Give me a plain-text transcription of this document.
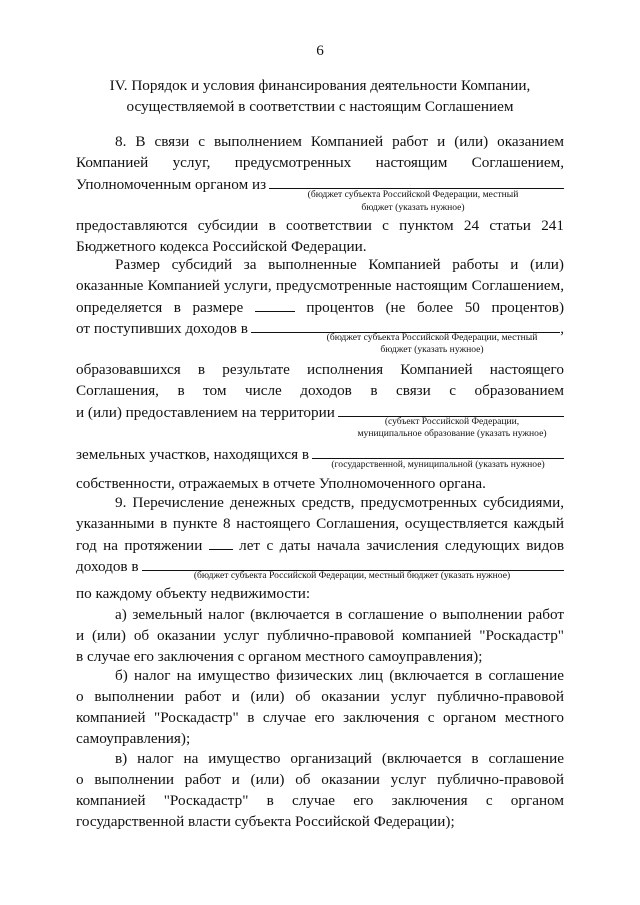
6

IV. Порядок и условия финансирования деятельности Компании,

осуществляемой в соответствии с настоящим Соглашением

8. В связи с выполнением Компанией работ и (или) оказанием

Компанией услуг, предусмотренных настоящим Соглашением,

Уполномоченным органом из
(бюджет субъекта Российской Федерации, местный
бюджет (указать нужное)

предоставляются субсидии в соответствии с пунктом 24 статьи 241

Бюджетного кодекса Российской Федерации.

Размер субсидий за выполненные Компанией работы и (или)

оказанные Компанией услуги, предусмотренные настоящим Соглашением,

определяется в размере	процентов (не более 50 процентов)
от поступивших доходов в	,
(бюджет субъекта Российской Федерации, местный
бюджет (указать нужное)

образовавшихся в результате исполнения Компанией настоящего

Соглашения, в том числе доходов в связи с образованием

и (или) предоставлением на территории
(субъект Российской Федерации,
муниципальное образование (указать нужное)
земельных участков, находящихся в
(государственной, муниципальной (указать нужное)

собственности, отражаемых в отчете Уполномоченного органа.

9. Перечисление денежных средств, предусмотренных субсидиями,

указанными в пункте 8 настоящего Соглашения, осуществляется каждый

год на протяжении лет с даты начала зачисления следующих видов
доходов в
(бюджет субъекта Российской Федерации, местный бюджет (указать нужное)

по каждому объекту недвижимости:

а) земельный налог (включается в соглашение о выполнении работ

и (или) об оказании услуг публично-правовой компанией "Роскадастр"

в случае его заключения с органом местного самоуправления);

б) налог на имущество физических лиц (включается в соглашение

о выполнении работ и (или) об оказании услуг публично-правовой

компанией "Роскадастр" в случае его заключения с органом местного

самоуправления);

в) налог на имущество организаций (включается в соглашение

о выполнении работ и (или) об оказании услуг публично-правовой

компанией "Роскадастр" в случае его заключения с органом

государственной власти субъекта Российской Федерации);
